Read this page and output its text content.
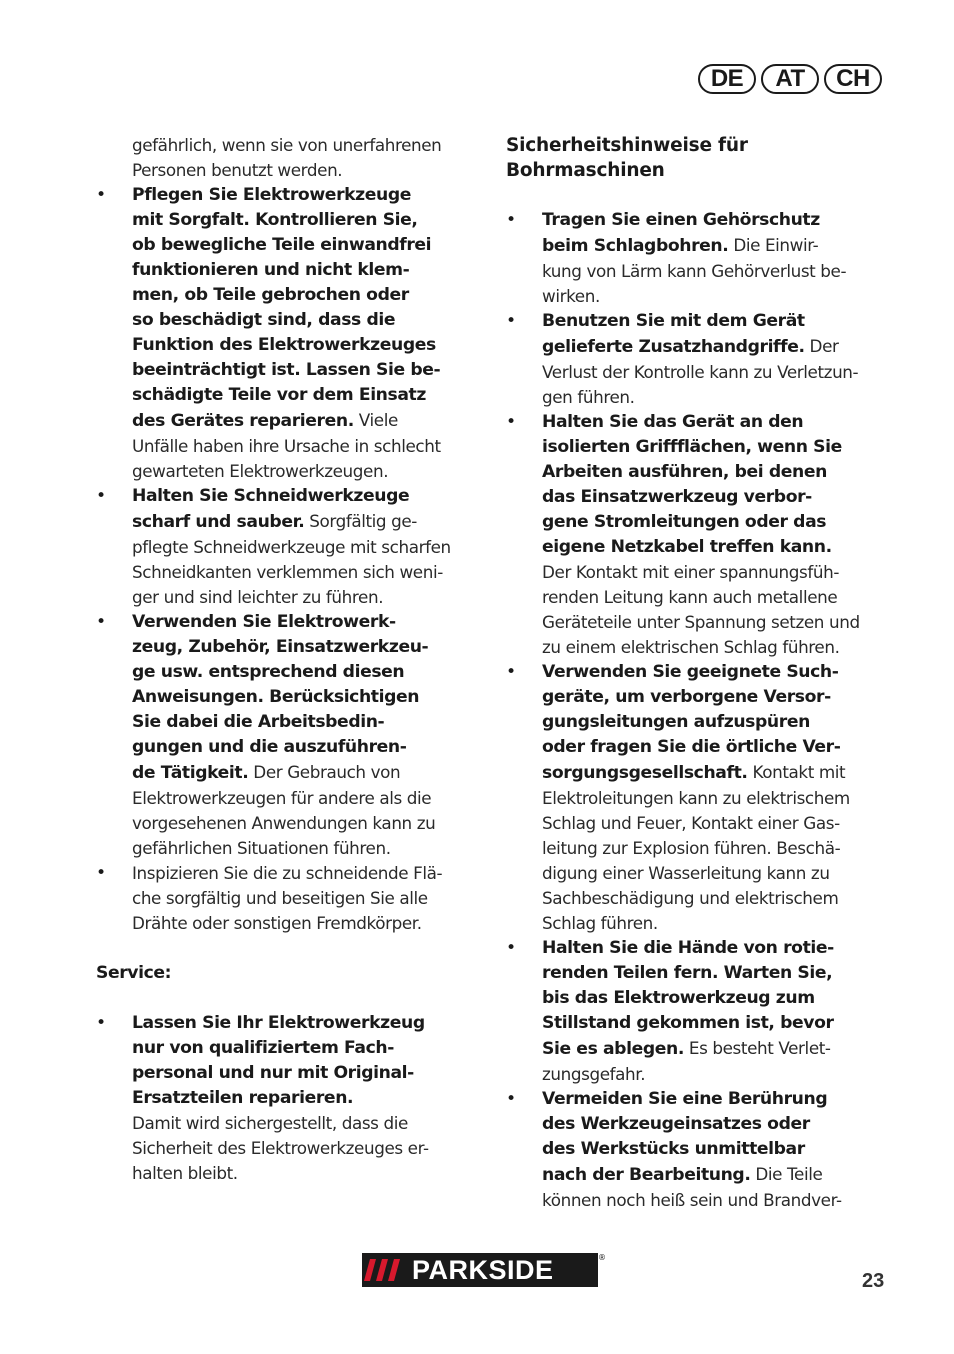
DE	AT	CH
gefährlich, wenn sie von unerfahrenen
Personen benutzt werden.
• Pflegen Sie Elektrowerkzeuge
mit Sorgfalt. Kontrollieren Sie,
ob bewegliche Teile einwandfrei
funktionieren und nicht klem-
men, ob Teile gebrochen oder
so beschädigt sind, dass die
Funktion des Elektrowerkzeuges
beeinträchtigt ist. Lassen Sie be-
schädigte Teile vor dem Einsatz
des Gerätes reparieren. Viele
Unfälle haben ihre Ursache in schlecht
gewarteten Elektrowerkzeugen.
• Halten Sie Schneidwerkzeuge
scharf und sauber. Sorgfältig ge-
pflegte Schneidwerkzeuge mit scharfen
Schneidkanten verklemmen sich weni-
ger und sind leichter zu führen.
• Verwenden Sie Elektrowerk-
zeug, Zubehör, Einsatzwerkzeu-
ge usw. entsprechend diesen
Anweisungen. Berücksichtigen
Sie dabei die Arbeitsbedin-
gungen und die auszuführen-
de Tätigkeit. Der Gebrauch von
Elektrowerkzeugen für andere als die
vorgesehenen Anwendungen kann zu
gefährlichen Situationen führen.
• Inspizieren Sie die zu schneidende Flä-
che sorgfältig und beseitigen Sie alle
Drähte oder sonstigen Fremdkörper.
Service:
• Lassen Sie Ihr Elektrowerkzeug
nur von qualifiziertem Fach-
personal und nur mit Original-
Ersatzteilen reparieren.
Damit wird sichergestellt, dass die
Sicherheit des Elektrowerkzeuges er-
halten bleibt.
Sicherheitshinweise für
Bohrmaschinen
• Tragen Sie einen Gehörschutz
beim Schlagbohren. Die Einwir-
kung von Lärm kann Gehörverlust be-
wirken.
• Benutzen Sie mit dem Gerät
gelieferte Zusatzhandgriffe. Der
Verlust der Kontrolle kann zu Verletzun-
gen führen.
• Halten Sie das Gerät an den
isolierten Griffflächen, wenn Sie
Arbeiten ausführen, bei denen
das Einsatzwerkzeug verbor-
gene Stromleitungen oder das
eigene Netzkabel treffen kann.
Der Kontakt mit einer spannungsfüh-
renden Leitung kann auch metallene
Geräteteile unter Spannung setzen und
zu einem elektrischen Schlag führen.
• Verwenden Sie geeignete Such-
geräte, um verborgene Versor-
gungsleitungen aufzuspüren
oder fragen Sie die örtliche Ver-
sorgungsgesellschaft. Kontakt mit
Elektroleitungen kann zu elektrischem
Schlag und Feuer, Kontakt einer Gas-
leitung zur Explosion führen. Beschä-
digung einer Wasserleitung kann zu
Sachbeschädigung und elektrischem
Schlag führen.
• Halten Sie die Hände von rotie-
renden Teilen fern. Warten Sie,
bis das Elektrowerkzeug zum
Stillstand gekommen ist, bevor
Sie es ablegen. Es besteht Verlet-
zungsgefahr.
• Vermeiden Sie eine Berührung
des Werkzeugeinsatzes oder
des Werkstücks unmittelbar
nach der Bearbeitung. Die Teile
können noch heiß sein und Brandver-
PARKSIDE	®
23
